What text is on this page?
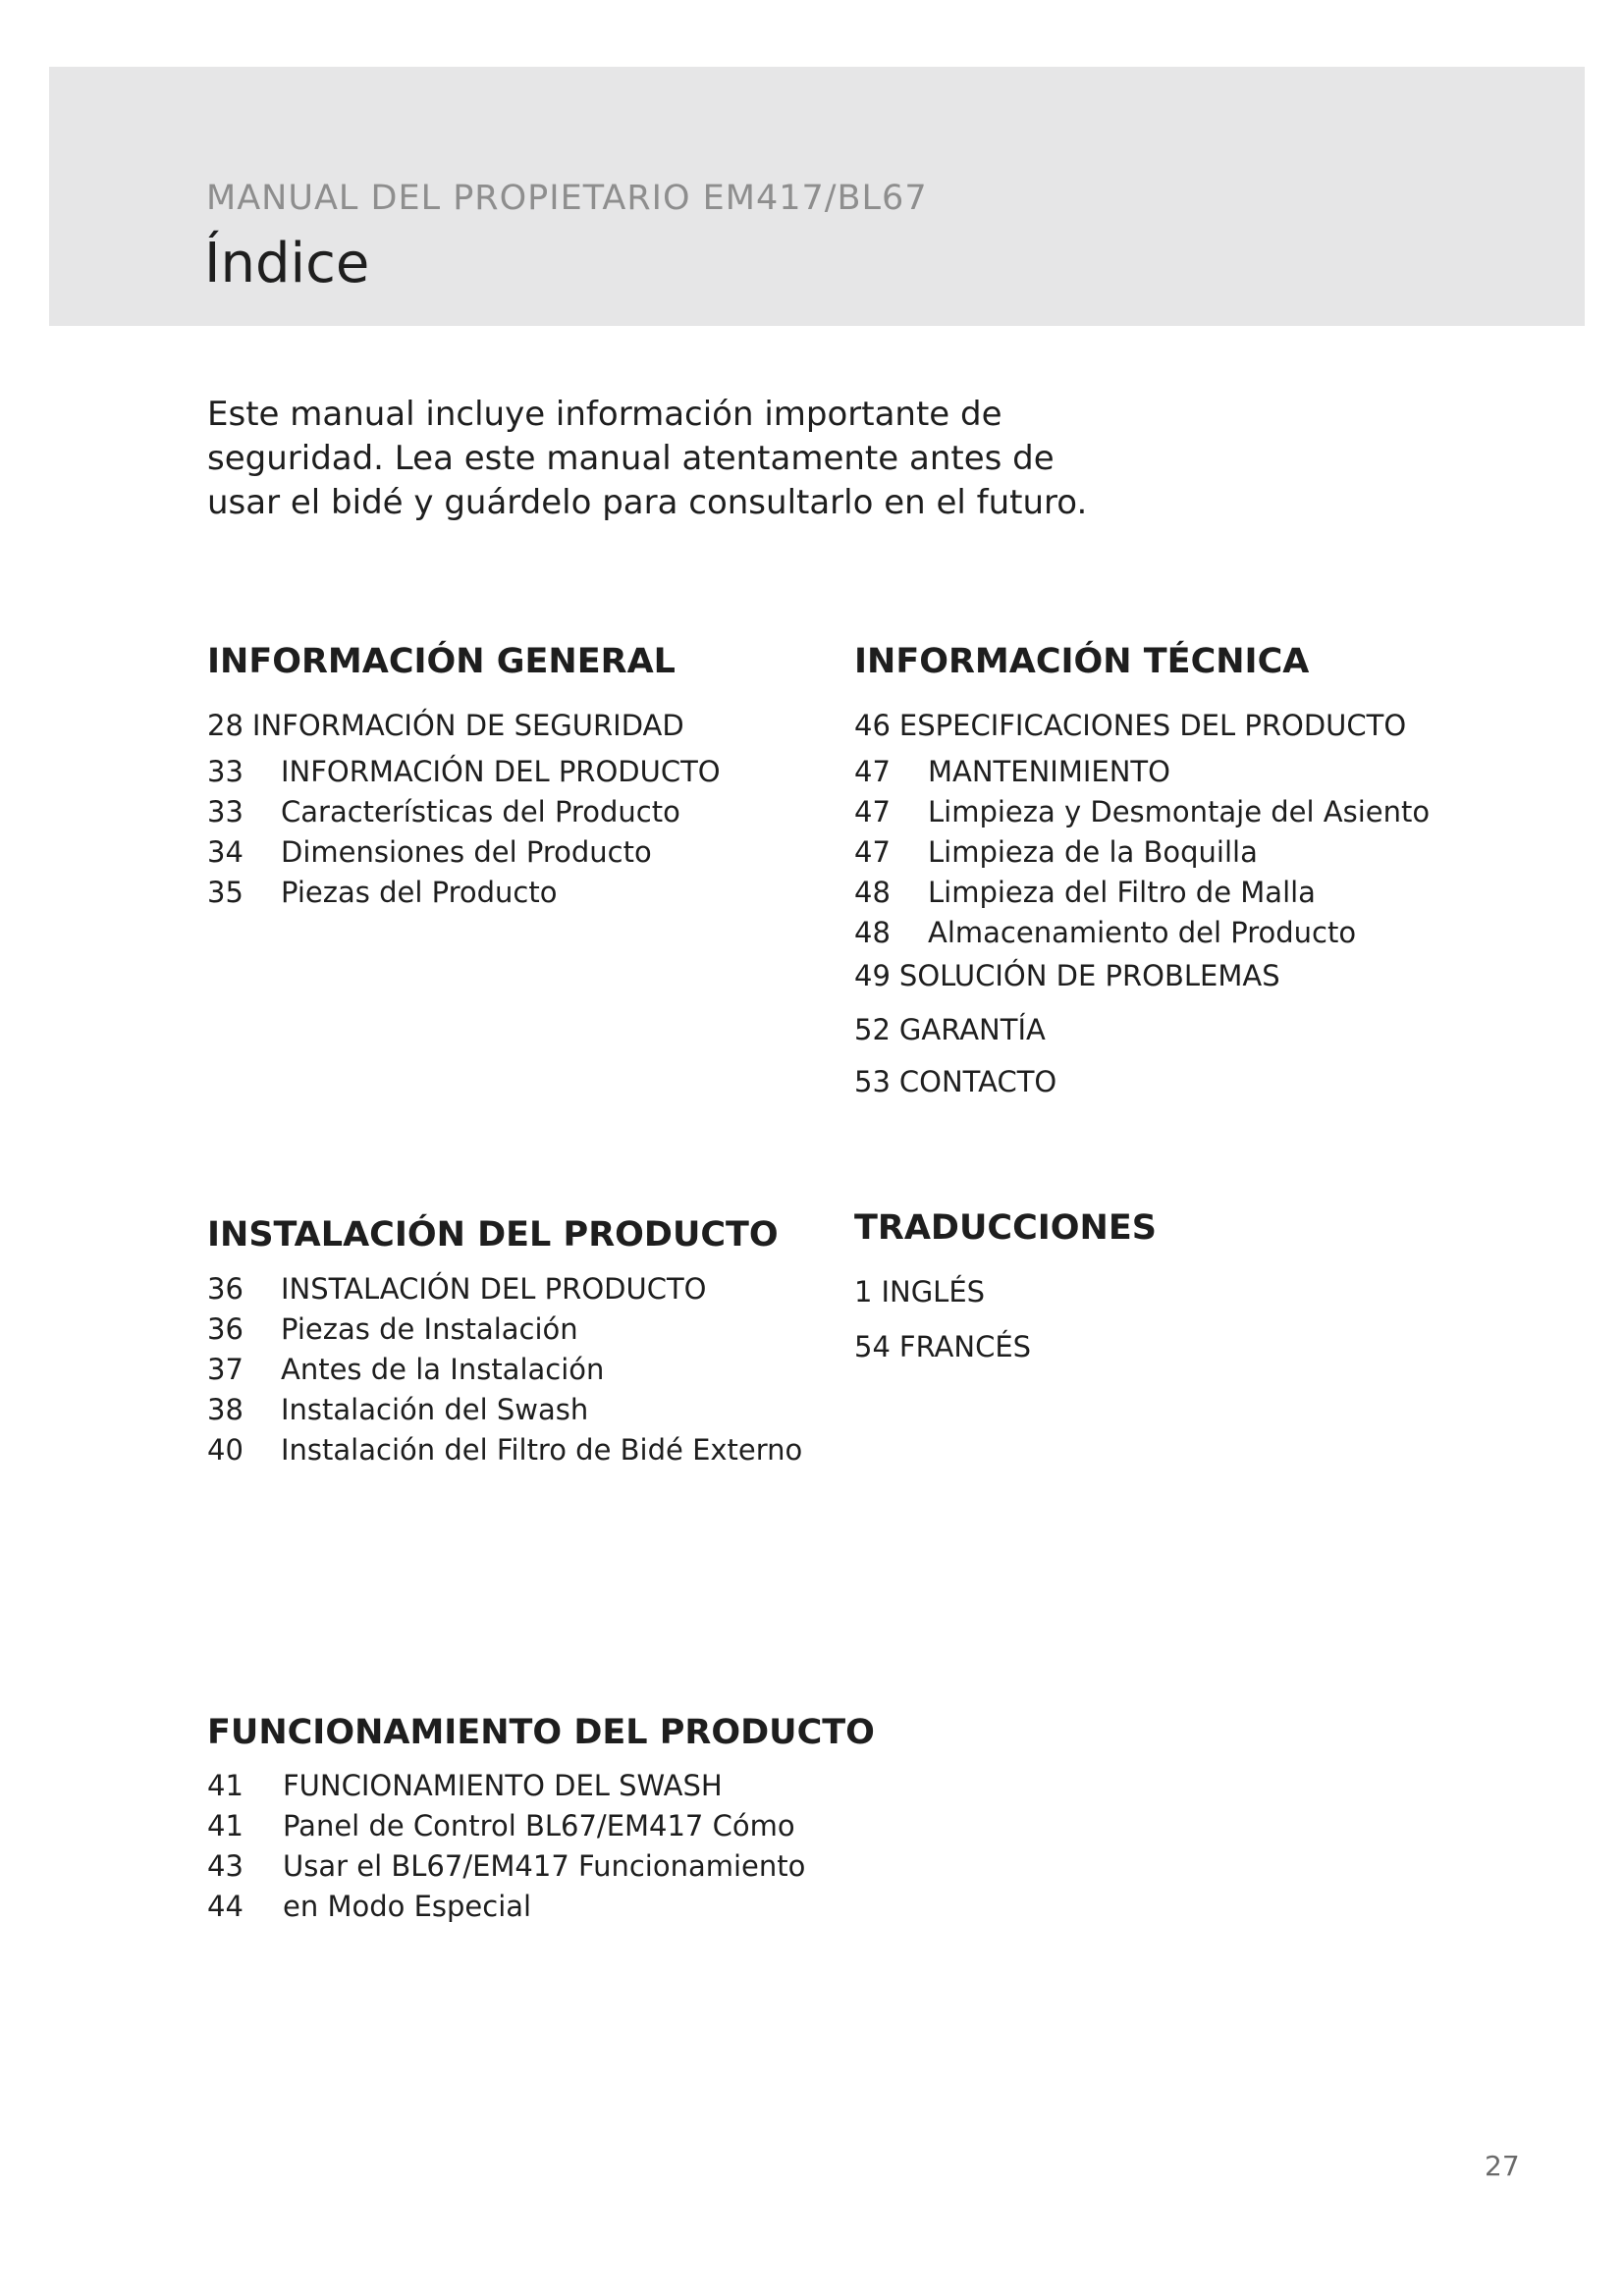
MANUAL DEL PROPIETARIO EM417/BL67
Índice

Este manual incluye información importante de

seguridad. Lea este manual atentamente antes de

usar el bidé y guárdelo para consultarlo en el futuro.

INFORMACIÓN GENERAL
28 INFORMACIÓN DE SEGURIDAD
33	INFORMACIÓN DEL PRODUCTO
33	Características del Producto
34	Dimensiones del Producto
35	Piezas del Producto
INFORMACIÓN TÉCNICA
46 ESPECIFICACIONES DEL PRODUCTO
47	MANTENIMIENTO
47	Limpieza y Desmontaje del Asiento
47	Limpieza de la Boquilla
48	Limpieza del Filtro de Malla
48	Almacenamiento del Producto
49 SOLUCIÓN DE PROBLEMAS
52 GARANTÍA
53 CONTACTO
INSTALACIÓN DEL PRODUCTO
36	INSTALACIÓN DEL PRODUCTO
36	Piezas de Instalación
37	Antes de la Instalación
38	Instalación del Swash
40	Instalación del Filtro de Bidé Externo
TRADUCCIONES
1 INGLÉS
54 FRANCÉS
FUNCIONAMIENTO DEL PRODUCTO
41	FUNCIONAMIENTO DEL SWASH
41	Panel de Control BL67/EM417 Cómo
43	Usar el BL67/EM417 Funcionamiento
44	en Modo Especial
27
